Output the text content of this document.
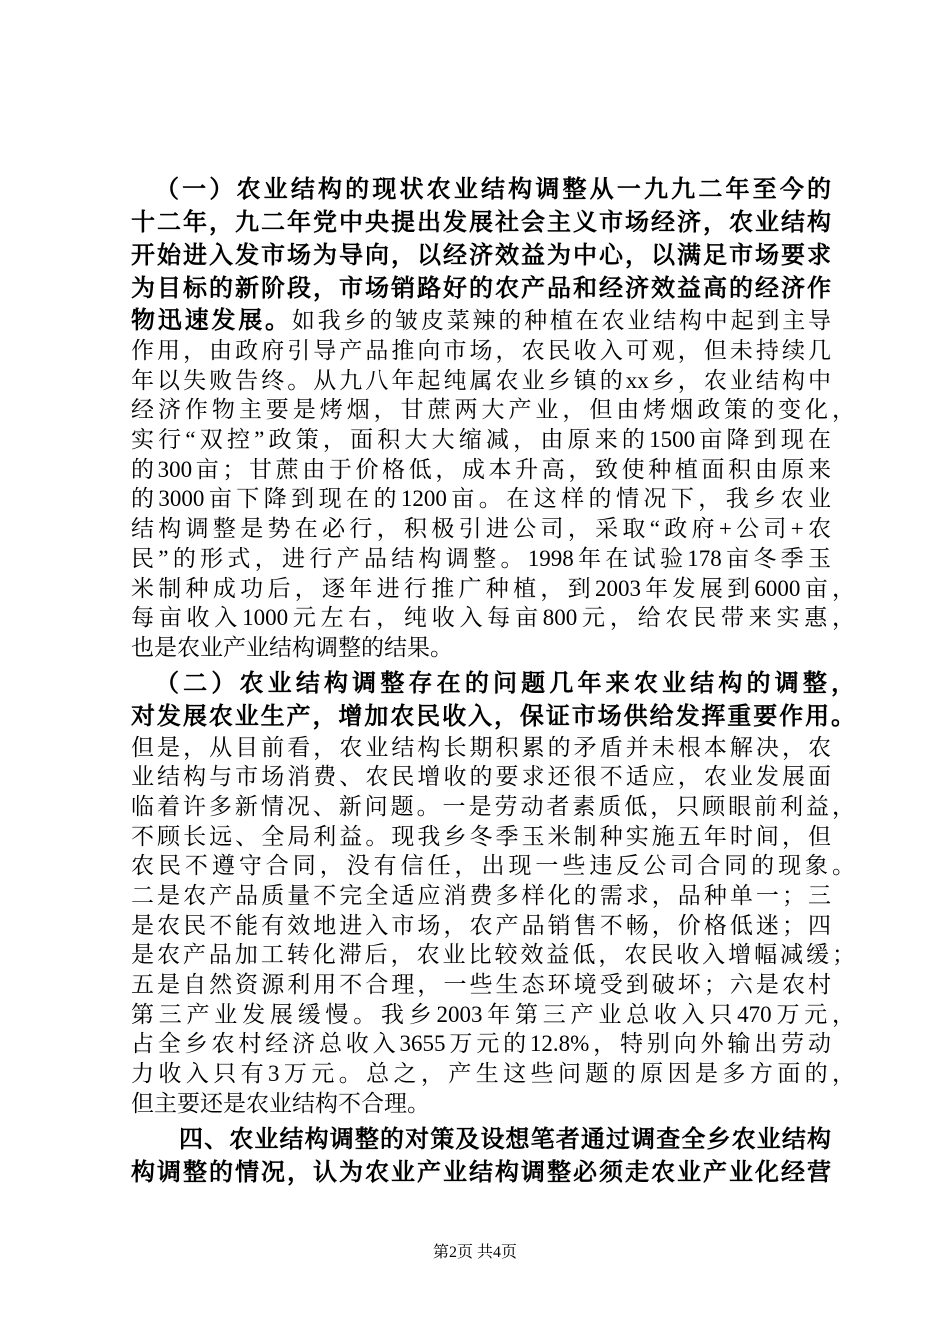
（一）农业结构的现状农业结构调整从一九九二年至今的
十二年，九二年党中央提出发展社会主义市场经济，农业结构
开始进入发市场为导向，以经济效益为中心，以满足市场要求
为目标的新阶段，市场销路好的农产品和经济效益高的经济作
物迅速发展。如我乡的皱皮菜辣的种植在农业结构中起到主导
作用，由政府引导产品推向市场，农民收入可观，但未持续几
年以失败告终。从九八年起纯属农业乡镇的xx乡，农业结构中
经济作物主要是烤烟，甘蔗两大产业，但由烤烟政策的变化，
实行“双控”政策，面积大大缩减，由原来的1500亩降到现在
的300亩；甘蔗由于价格低，成本升高，致使种植面积由原来
的3000亩下降到现在的1200亩。在这样的情况下，我乡农业
结构调整是势在必行，积极引进公司，采取“政府+公司+农
民”的形式，进行产品结构调整。1998年在试验178亩冬季玉
米制种成功后，逐年进行推广种植，到2003年发展到6000亩，
每亩收入1000元左右，纯收入每亩800元，给农民带来实惠，
也是农业产业结构调整的结果。
（二）农业结构调整存在的问题几年来农业结构的调整，
对发展农业生产，增加农民收入，保证市场供给发挥重要作用。
但是，从目前看，农业结构长期积累的矛盾并未根本解决，农
业结构与市场消费、农民增收的要求还很不适应，农业发展面
临着许多新情况、新问题。一是劳动者素质低，只顾眼前利益，
不顾长远、全局利益。现我乡冬季玉米制种实施五年时间，但
农民不遵守合同，没有信任，出现一些违反公司合同的现象。
二是农产品质量不完全适应消费多样化的需求，品种单一；三
是农民不能有效地进入市场，农产品销售不畅，价格低迷；四
是农产品加工转化滞后，农业比较效益低，农民收入增幅减缓；
五是自然资源利用不合理，一些生态环境受到破坏；六是农村
第三产业发展缓慢。我乡2003年第三产业总收入只470万元，
占全乡农村经济总收入3655万元的12.8%，特别向外输出劳动
力收入只有3万元。总之，产生这些问题的原因是多方面的，
但主要还是农业结构不合理。
四、农业结构调整的对策及设想笔者通过调查全乡农业结构
构调整的情况，认为农业产业结构调整必须走农业产业化经营
第2页 共4页
